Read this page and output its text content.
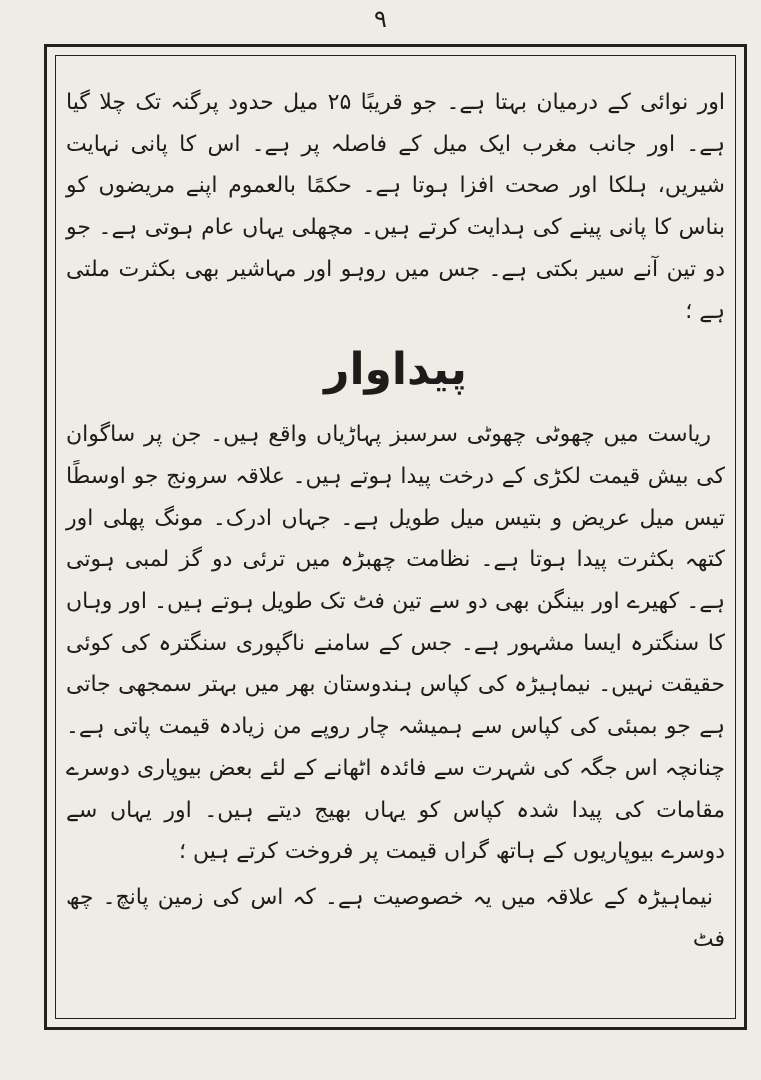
۹

اور نوائی کے درمیان بہتا ہے۔ جو قریبًا ۲۵ میل حدود پرگنہ تک چلا گیا ہے۔ اور جانب مغرب ایک میل کے فاصلہ پر ہے۔ اس کا پانی نہایت شیریں، ہلکا اور صحت افزا ہوتا ہے۔ حکمًا بالعموم اپنے مریضوں کو بناس کا پانی پینے کی ہدایت کرتے ہیں۔ مچھلی یہاں عام ہوتی ہے۔ جو دو تین آنے سیر بکتی ہے۔ جس میں روہو اور مہاشیر بھی بکثرت ملتی ہے ؛

پیداوار

ریاست میں چھوٹی چھوٹی سرسبز پہاڑیاں واقع ہیں۔ جن پر ساگوان کی بیش قیمت لکڑی کے درخت پیدا ہوتے ہیں۔ علاقہ سرونج جو اوسطًا تیس میل عریض و بتیس میل طویل ہے۔ جہاں ادرک۔ مونگ پھلی اور کتھہ بکثرت پیدا ہوتا ہے۔ نظامت چھبڑہ میں ترئی دو گز لمبی ہوتی ہے۔ کھیرے اور بینگن بھی دو سے تین فٹ تک طویل ہوتے ہیں۔ اور وہاں کا سنگترہ ایسا مشہور ہے۔ جس کے سامنے ناگپوری سنگترہ کی کوئی حقیقت نہیں۔ نیماہیڑہ کی کپاس ہندوستان بھر میں بہتر سمجھی جاتی ہے جو بمبئی کی کپاس سے ہمیشہ چار روپے من زیادہ قیمت پاتی ہے۔ چنانچہ اس جگہ کی شہرت سے فائدہ اٹھانے کے لئے بعض بیوپاری دوسرے مقامات کی پیدا شدہ کپاس کو یہاں بھیج دیتے ہیں۔ اور یہاں سے دوسرے بیوپاریوں کے ہاتھ گراں قیمت پر فروخت کرتے ہیں ؛

نیماہیڑہ کے علاقہ میں یہ خصوصیت ہے۔ کہ اس کی زمین پانچ۔ چھ فٹ
